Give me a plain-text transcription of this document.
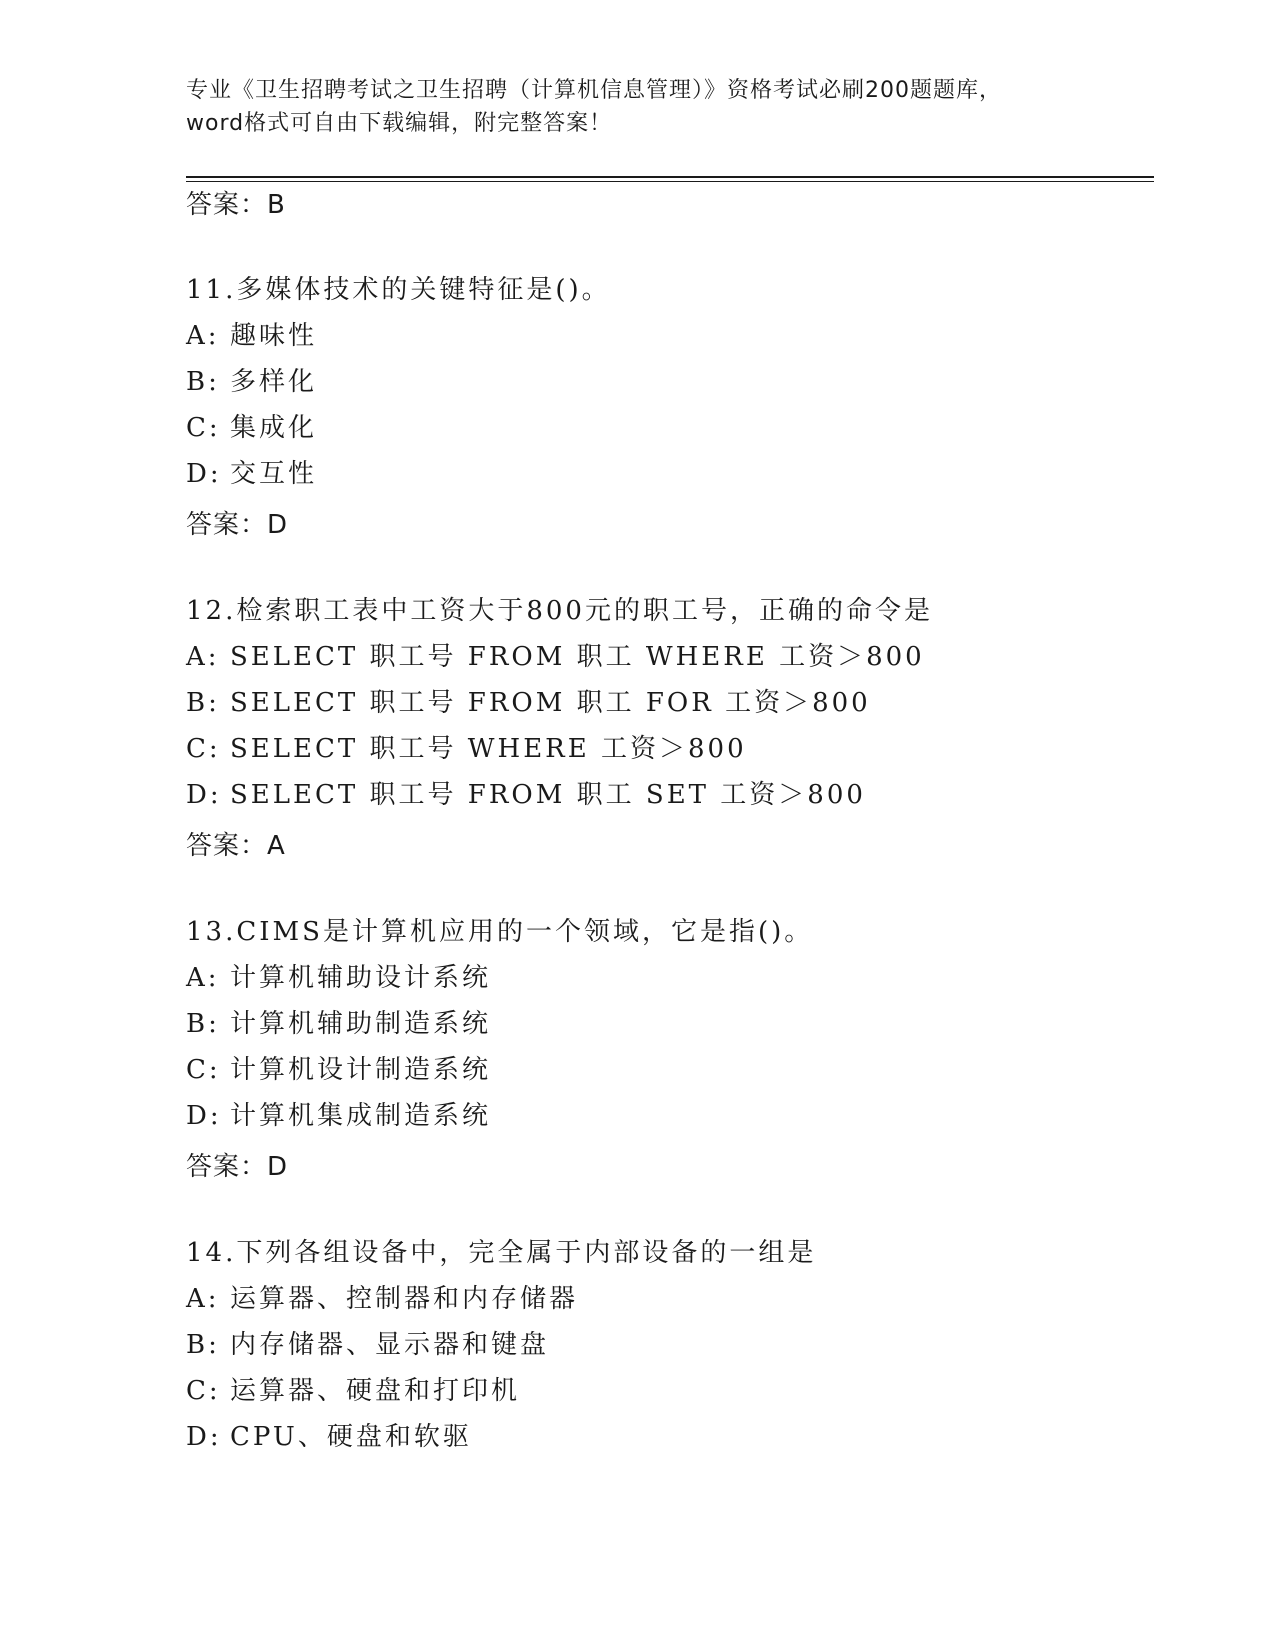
专业《卫生招聘考试之卫生招聘（计算机信息管理）》资格考试必刷200题题库，
word格式可自由下载编辑，附完整答案！
答案：B
11.多媒体技术的关键特征是()。
A: 趣味性
B: 多样化
C: 集成化
D: 交互性
答案：D
12.检索职工表中工资大于800元的职工号，正确的命令是
A: SELECT 职工号 FROM 职工 WHERE 工资＞800
B: SELECT 职工号 FROM 职工 FOR 工资＞800
C: SELECT 职工号 WHERE 工资＞800
D: SELECT 职工号 FROM 职工 SET 工资＞800
答案：A
13.CIMS是计算机应用的一个领域，它是指()。
A: 计算机辅助设计系统
B: 计算机辅助制造系统
C: 计算机设计制造系统
D: 计算机集成制造系统
答案：D
14.下列各组设备中，完全属于内部设备的一组是
A: 运算器、控制器和内存储器
B: 内存储器、显示器和键盘
C: 运算器、硬盘和打印机
D: CPU、硬盘和软驱
